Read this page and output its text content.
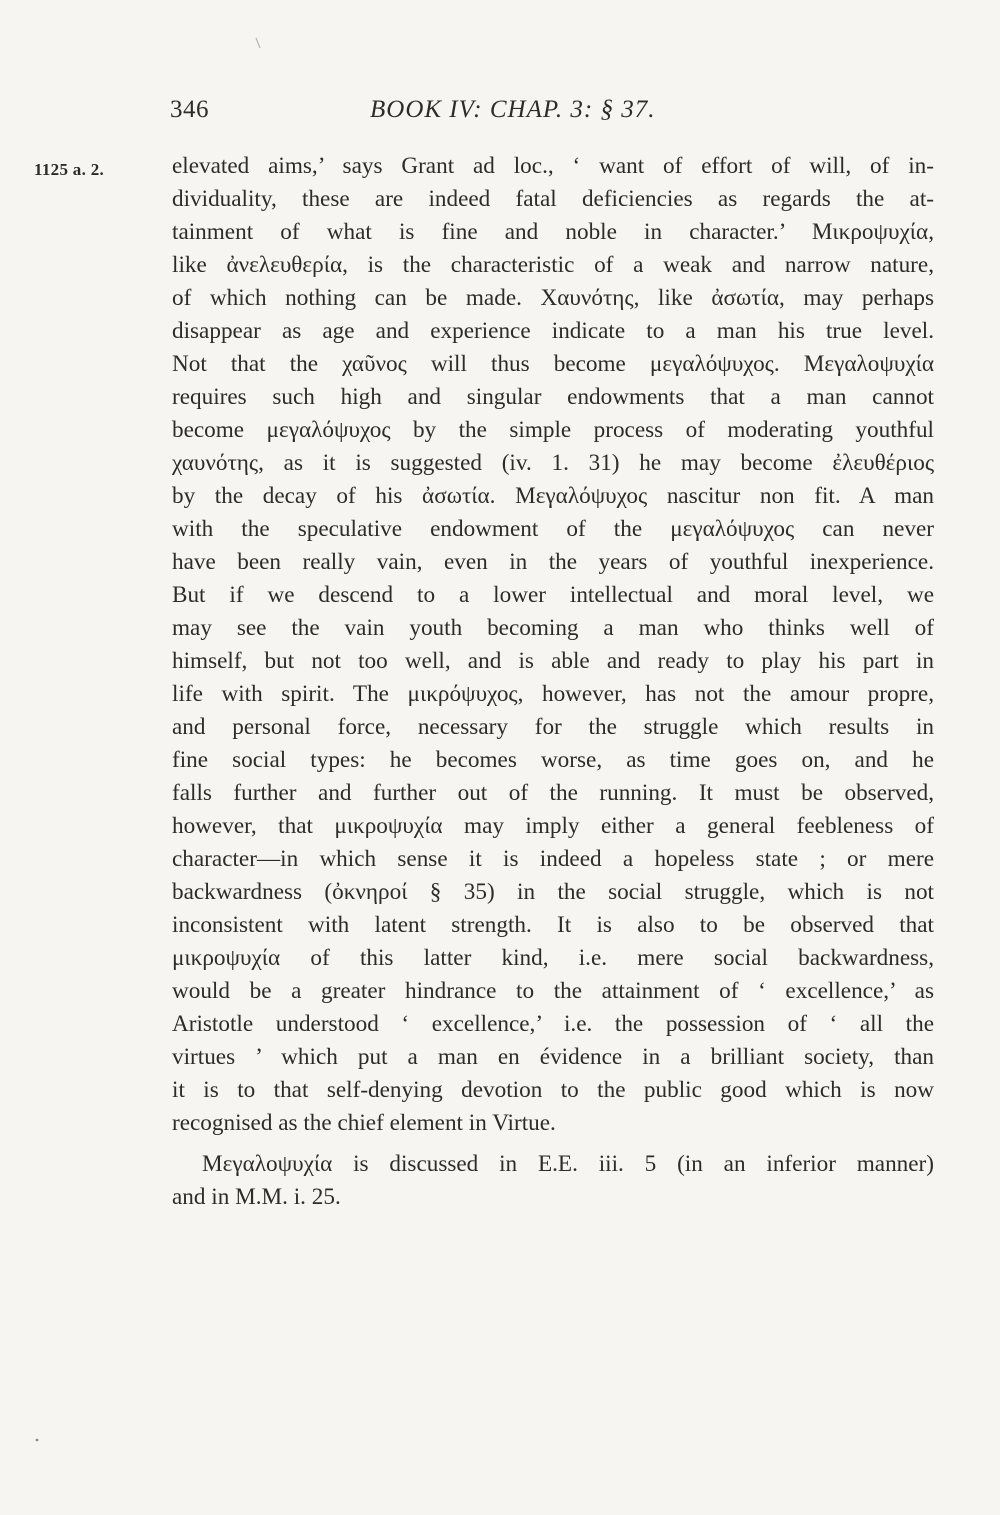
346	BOOK IV: CHAP. 3: § 37.
1125 a. 2.	elevated aims,’ says Grant ad loc., ‘ want of effort of will, of in-
dividuality, these are indeed fatal deficiencies as regards the at-
tainment of what is fine and noble in character.’ Μικροψυχία,
like ἀνελευθερία, is the characteristic of a weak and narrow nature,
of which nothing can be made. Χαυνότης, like ἀσωτία, may perhaps
disappear as age and experience indicate to a man his true level.
Not that the χαῦνος will thus become μεγαλόψυχος. Μεγαλοψυχία
requires such high and singular endowments that a man cannot
become μεγαλόψυχος by the simple process of moderating youthful
χαυνότης, as it is suggested (iv. 1. 31) he may become ἐλευθέριος
by the decay of his ἀσωτία. Μεγαλόψυχος nascitur non fit. A man
with the speculative endowment of the μεγαλόψυχος can never
have been really vain, even in the years of youthful inexperience.
But if we descend to a lower intellectual and moral level, we
may see the vain youth becoming a man who thinks well of
himself, but not too well, and is able and ready to play his part in
life with spirit. The μικρόψυχος, however, has not the amour propre,
and personal force, necessary for the struggle which results in
fine social types: he becomes worse, as time goes on, and he
falls further and further out of the running. It must be observed,
however, that μικροψυχία may imply either a general feebleness of
character—in which sense it is indeed a hopeless state ; or mere
backwardness (ὀκνηροί § 35) in the social struggle, which is not
inconsistent with latent strength. It is also to be observed that
μικροψυχία of this latter kind, i.e. mere social backwardness,
would be a greater hindrance to the attainment of ‘ excellence,’ as
Aristotle understood ‘ excellence,’ i.e. the possession of ‘ all the
virtues ’ which put a man en évidence in a brilliant society, than
it is to that self-denying devotion to the public good which is now
recognised as the chief element in Virtue.
Μεγαλοψυχία is discussed in E.E. iii. 5 (in an inferior manner)
and in M.M. i. 25.
